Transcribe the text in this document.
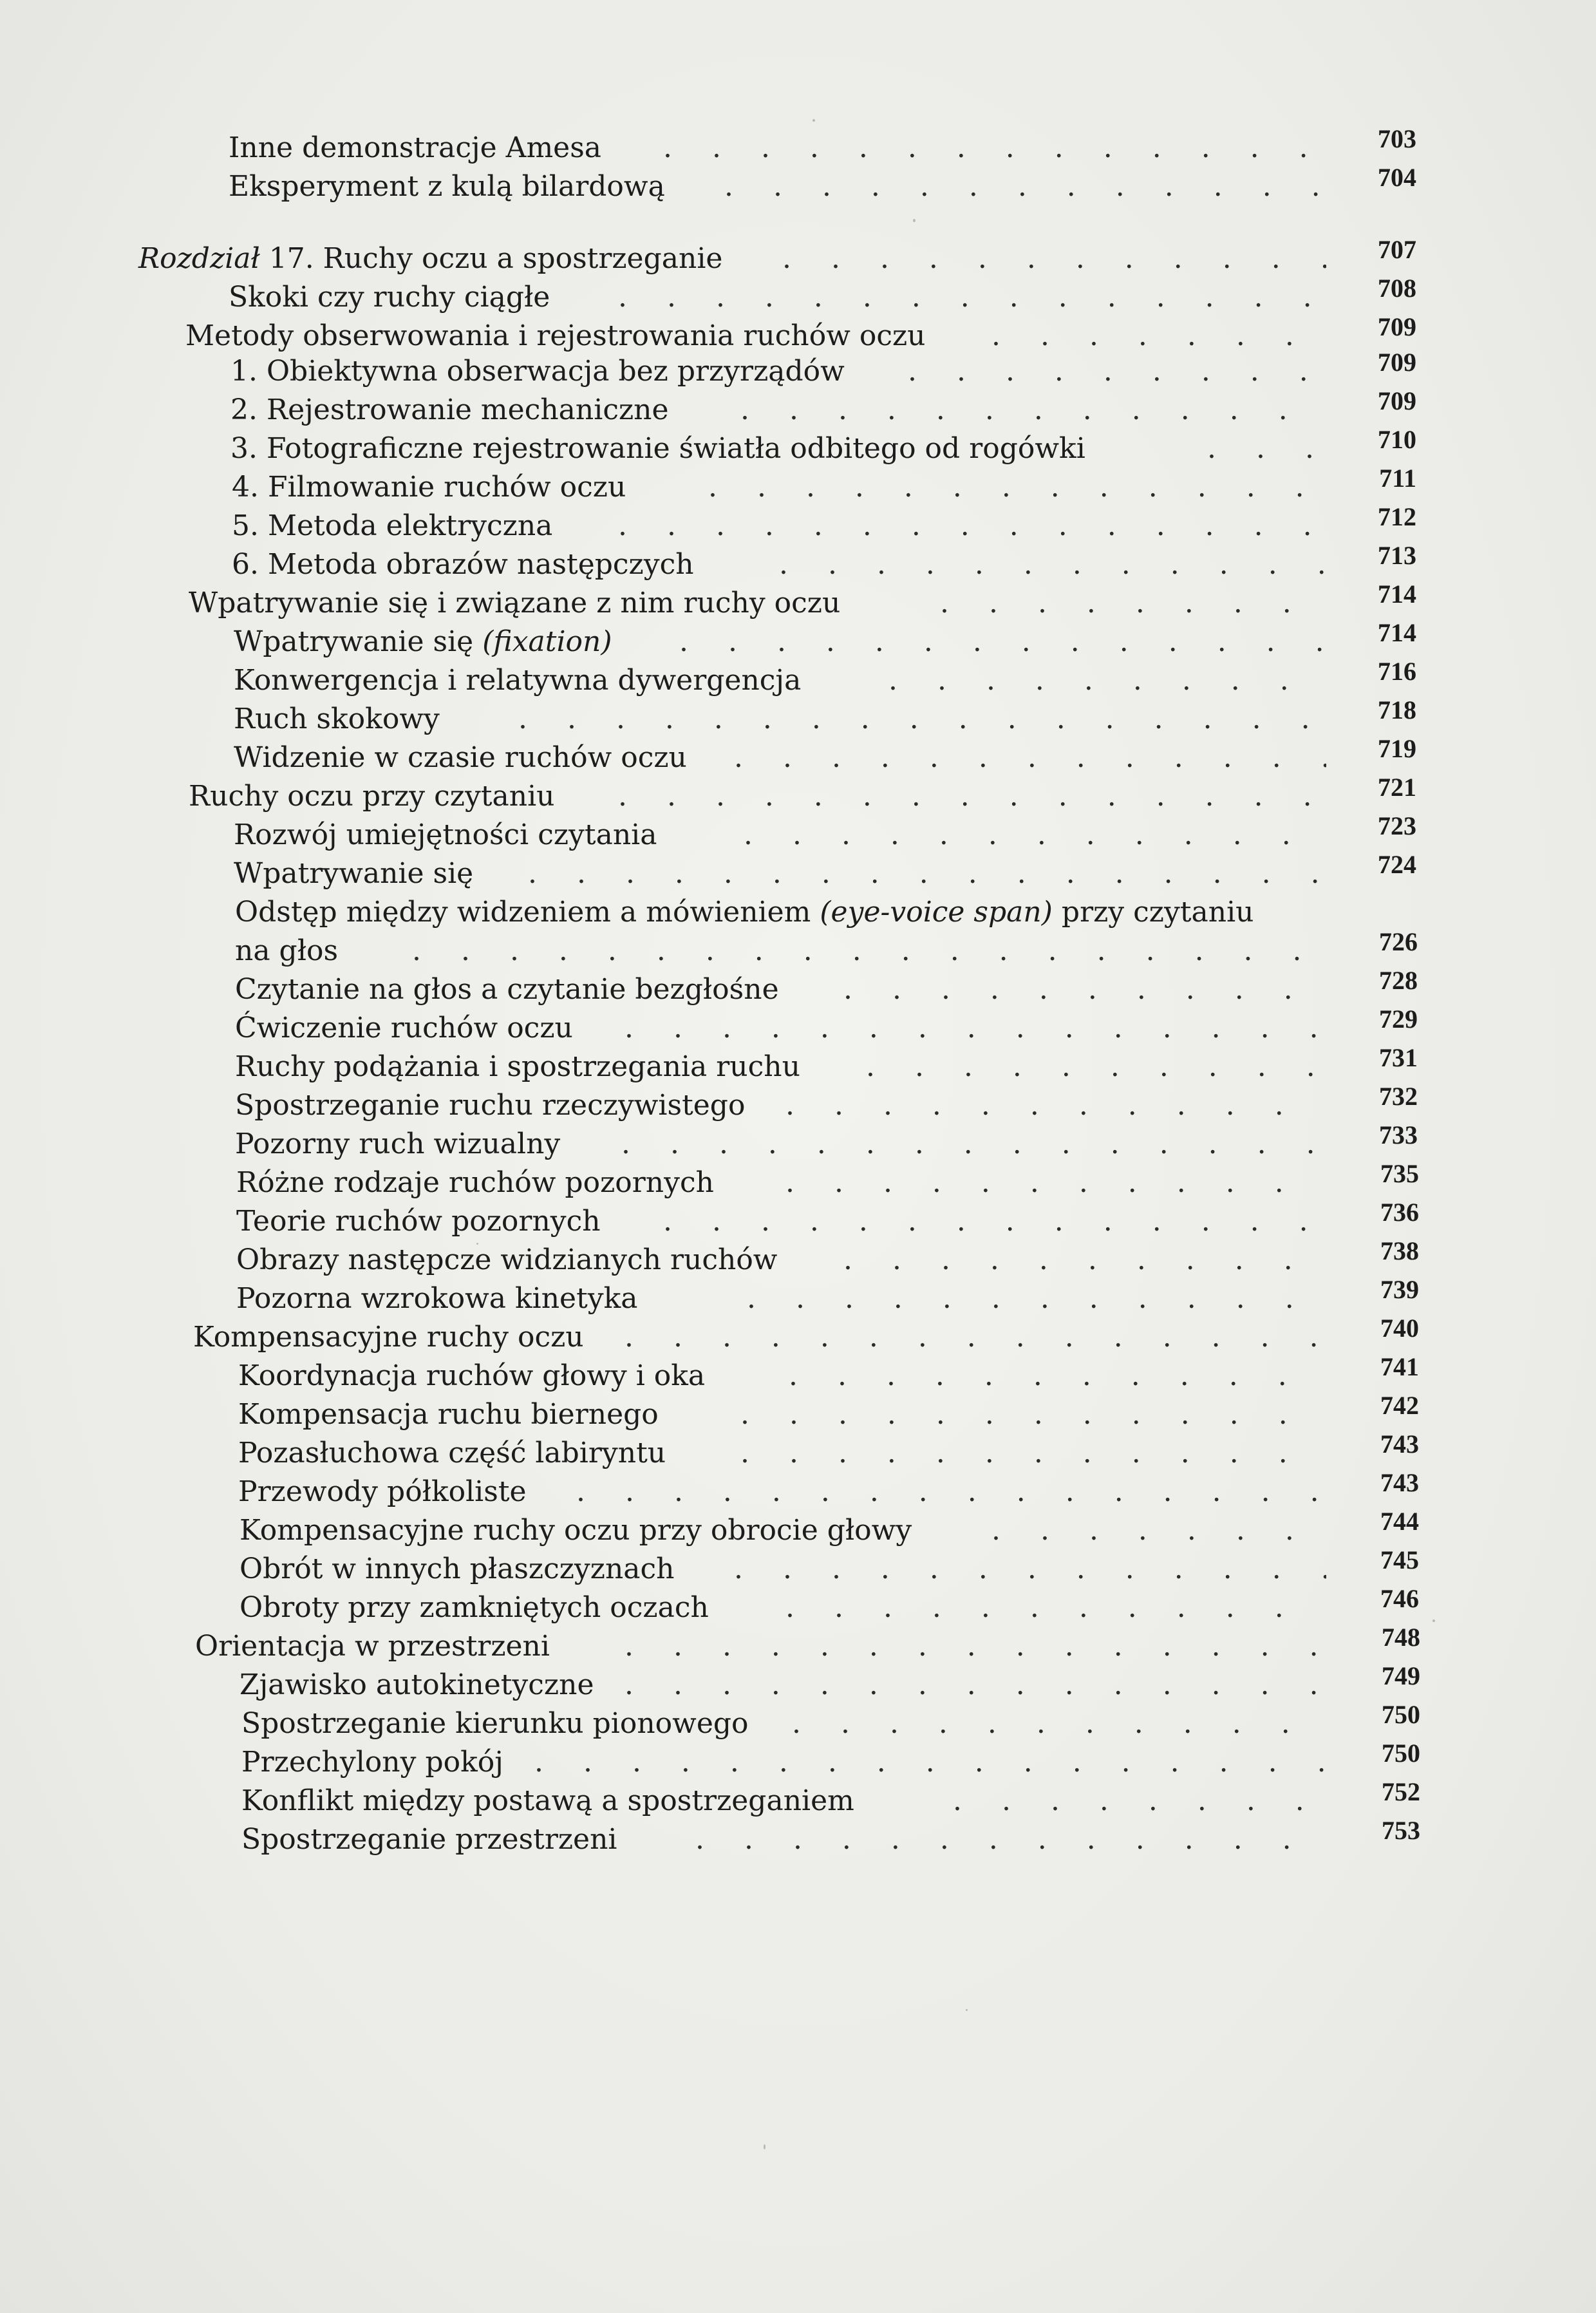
Inne demonstracje Amesa . . .	703
Eksperyment z kulą bilardową . . .	704
Rozdział 17. Ruchy oczu a spostrzeganie . . .	707
Skoki czy ruchy ciągłe . . .	708
Metody obserwowania i rejestrowania ruchów oczu . . .	709
1. Obiektywna obserwacja bez przyrządów . . .	709
2. Rejestrowanie mechaniczne . . .	709
3. Fotograficzne rejestrowanie światła odbitego od rogówki . . .	710
4. Filmowanie ruchów oczu . . .	711
5. Metoda elektryczna . . .	712
6. Metoda obrazów następczych . . .	713
Wpatrywanie się i związane z nim ruchy oczu . . .	714
Wpatrywanie się (fixation) . . .	714
Konwergencja i relatywna dywergencja . . .	716
Ruch skokowy . . .	718
Widzenie w czasie ruchów oczu . . .	719
Ruchy oczu przy czytaniu . . .	721
Rozwój umiejętności czytania . . .	723
Wpatrywanie się . . .	724
Odstęp między widzeniem a mówieniem (eye-voice span) przy czytaniu
na głos . . .	726
Czytanie na głos a czytanie bezgłośne . . .	728
Ćwiczenie ruchów oczu . . .	729
Ruchy podążania i spostrzegania ruchu . . .	731
Spostrzeganie ruchu rzeczywistego . . .	732
Pozorny ruch wizualny . . .	733
Różne rodzaje ruchów pozornych . . .	735
Teorie ruchów pozornych . . .	736
Obrazy następcze widzianych ruchów . . .	738
Pozorna wzrokowa kinetyka . . .	739
Kompensacyjne ruchy oczu . . .	740
Koordynacja ruchów głowy i oka . . .	741
Kompensacja ruchu biernego . . .	742
Pozasłuchowa część labiryntu . . .	743
Przewody półkoliste . . .	743
Kompensacyjne ruchy oczu przy obrocie głowy . . .	744
Obrót w innych płaszczyznach . . .	745
Obroty przy zamkniętych oczach . . .	746
Orientacja w przestrzeni . . .	748
Zjawisko autokinetyczne . . .	749
Spostrzeganie kierunku pionowego . . .	750
Przechylony pokój . . .	750
Konflikt między postawą a spostrzeganiem . . .	752
Spostrzeganie przestrzeni . . .	753
